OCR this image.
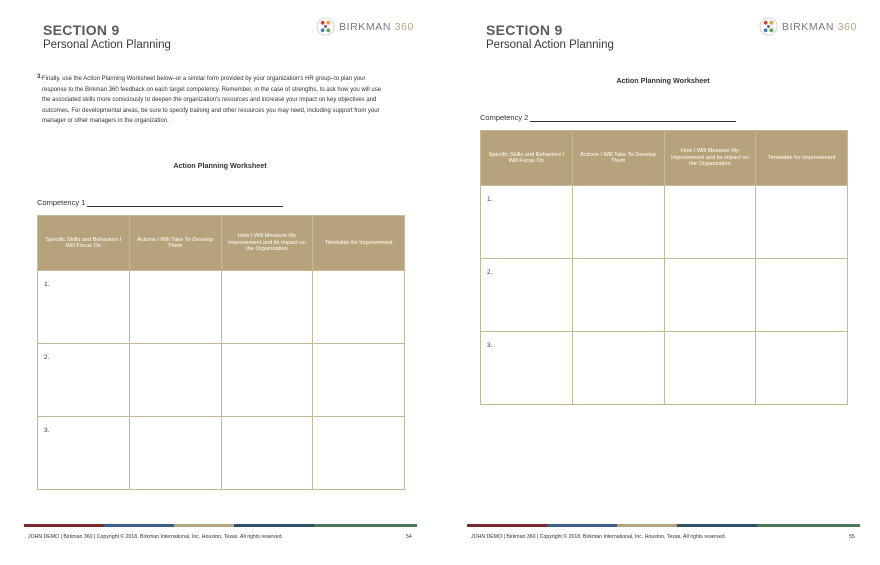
SECTION 9
Personal Action Planning
BIRKMAN 360
3. Finally, use the Action Planning Worksheet below–or a similar form provided by your organization's HR group–to plan your response to the Birkman 360 feedback on each target competency. Remember, in the case of strengths, to ask how you will use the associated skills more consciously to deepen the organization's resources and increase your impact on key objectives and outcomes. For developmental areas, be sure to specify training and other resources you may need, including support from your manager or other managers in the organization.
Action Planning Worksheet
Competency 1
Specific Skills and Behaviors I Will Focus On	Actions I Will Take To Develop Them	How I Will Measure My Improvement and its impact on the Organization	Timetable for Improvement

1.			

2.			

3.			

JOHN DEMO | Birkman 360 | Copyright © 2018, Birkman International, Inc. Houston, Texas. All rights reserved.	54
SECTION 9
Personal Action Planning
BIRKMAN 360
Action Planning Worksheet
Competency 2
Specific Skills and Behaviors I Will Focus On	Actions I Will Take To Develop Them	How I Will Measure My Improvement and its impact on the Organization	Timetable for Improvement

1.			

2.			

3.			

JOHN DEMO | Birkman 360 | Copyright © 2018, Birkman International, Inc. Houston, Texas. All rights reserved.	55
